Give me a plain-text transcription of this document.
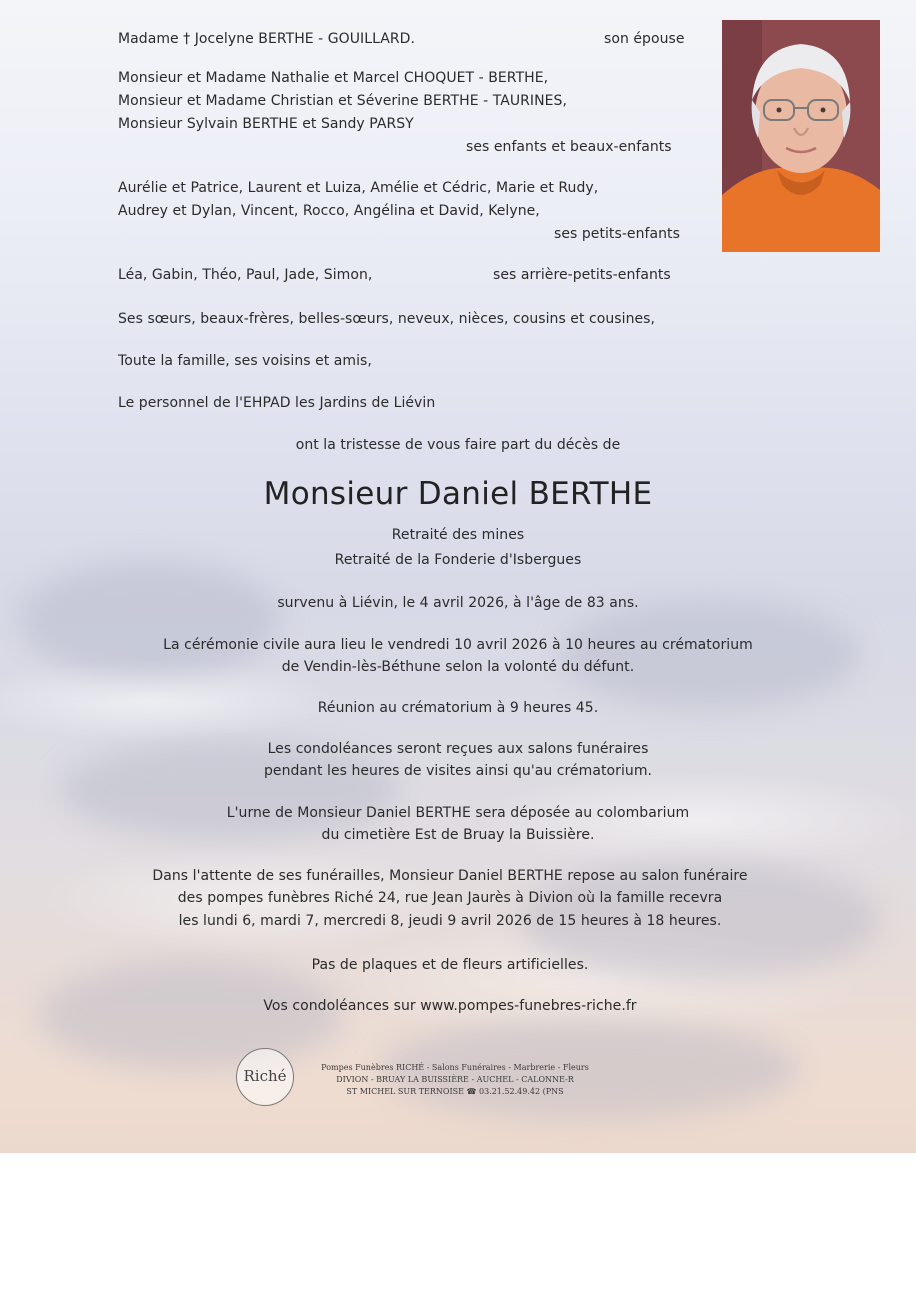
Madame † Jocelyne BERTHE - GOUILLARD.	son épouse
Monsieur et Madame Nathalie et Marcel CHOQUET - BERTHE,
Monsieur et Madame Christian et Séverine BERTHE - TAURINES,
Monsieur Sylvain BERTHE et Sandy PARSY
ses enfants et beaux-enfants
Aurélie et Patrice, Laurent et Luiza, Amélie et Cédric, Marie et Rudy,
Audrey et Dylan, Vincent, Rocco, Angélina et David, Kelyne,
ses petits-enfants
Léa, Gabin, Théo, Paul, Jade, Simon,	ses arrière-petits-enfants
Ses sœurs, beaux-frères, belles-sœurs, neveux, nièces, cousins et cousines,
Toute la famille, ses voisins et amis,
Le personnel de l'EHPAD les Jardins de Liévin
ont la tristesse de vous faire part du décès de
Monsieur Daniel BERTHE
Retraité des mines
Retraité de la Fonderie d'Isbergues
survenu à Liévin, le 4 avril 2026, à l'âge de 83 ans.
La cérémonie civile aura lieu le vendredi 10 avril 2026 à 10 heures au crématorium
de Vendin-lès-Béthune selon la volonté du défunt.
Réunion au crématorium à 9 heures 45.
Les condoléances seront reçues aux salons funéraires
pendant les heures de visites ainsi qu'au crématorium.
L'urne de Monsieur Daniel BERTHE sera déposée au colombarium
du cimetière Est de Bruay la Buissière.
Dans l'attente de ses funérailles, Monsieur Daniel BERTHE repose au salon funéraire
des pompes funèbres Riché 24, rue Jean Jaurès à Divion où la famille recevra
les lundi 6, mardi 7, mercredi 8, jeudi 9 avril 2026 de 15 heures à 18 heures.
Pas de plaques et de fleurs artificielles.
Vos condoléances sur www.pompes-funebres-riche.fr
Riché	Pompes Funèbres RICHÉ - Salons Funéraires - Marbrerie - Fleurs
DIVION - BRUAY LA BUISSIÈRE - AUCHEL - CALONNE-R
ST MICHEL SUR TERNOISE ☎ 03.21.52.49.42 (PNS
